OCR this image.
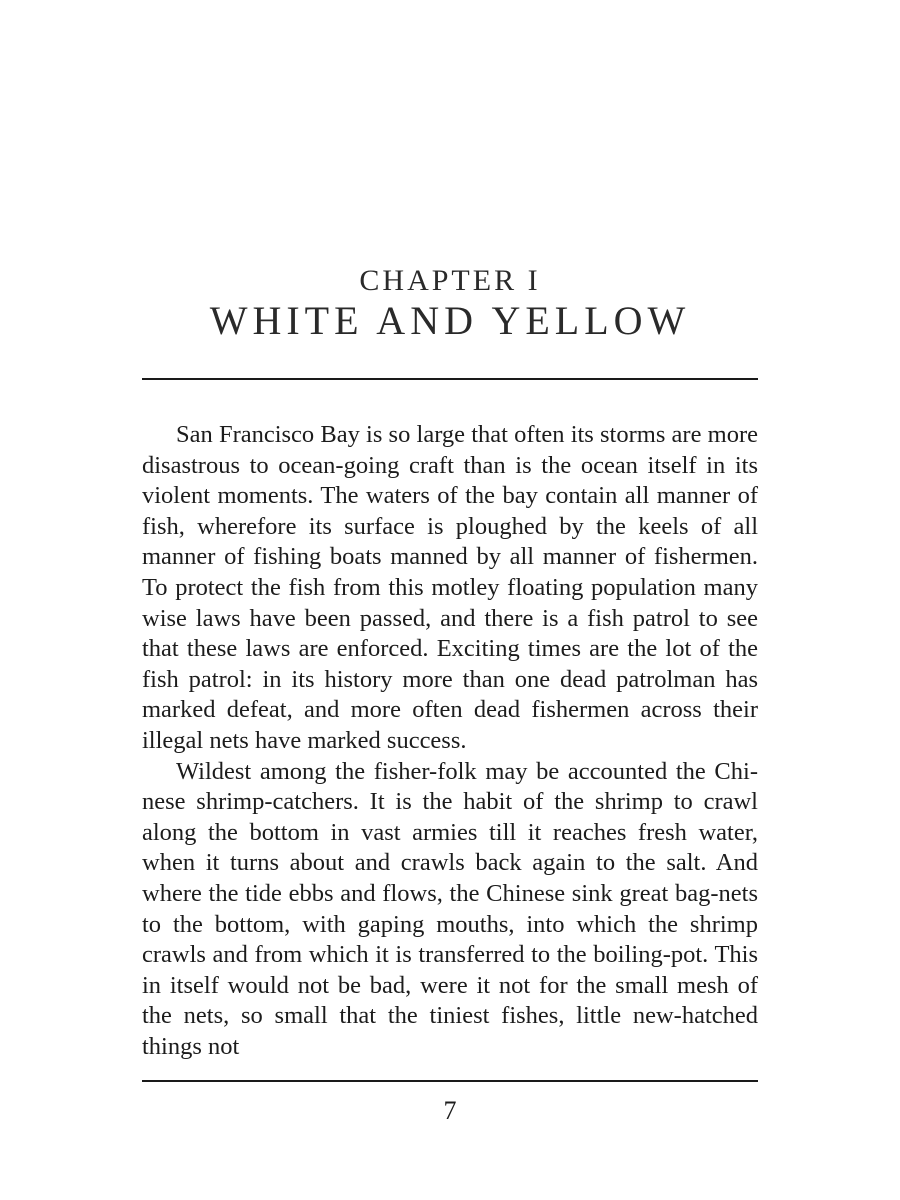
CHAPTER I
WHITE AND YELLOW

San Francisco Bay is so large that often its storms are more disastrous to ocean-going craft than is the ocean itself in its violent moments. The waters of the bay contain all manner of fish, wherefore its surface is ploughed by the keels of all manner of fishing boats manned by all manner of fishermen. To protect the fish from this motley floating population many wise laws have been passed, and there is a fish patrol to see that these laws are enforced. Exciting times are the lot of the fish patrol: in its history more than one dead patrolman has marked defeat, and more often dead fishermen across their illegal nets have marked success.

Wildest among the fisher-folk may be accounted the Chinese shrimp-catchers. It is the habit of the shrimp to crawl along the bottom in vast armies till it reaches fresh water, when it turns about and crawls back again to the salt. And where the tide ebbs and flows, the Chinese sink great bag-nets to the bottom, with gaping mouths, into which the shrimp crawls and from which it is transferred to the boiling-pot. This in itself would not be bad, were it not for the small mesh of the nets, so small that the tiniest fishes, little new-hatched things not

7
